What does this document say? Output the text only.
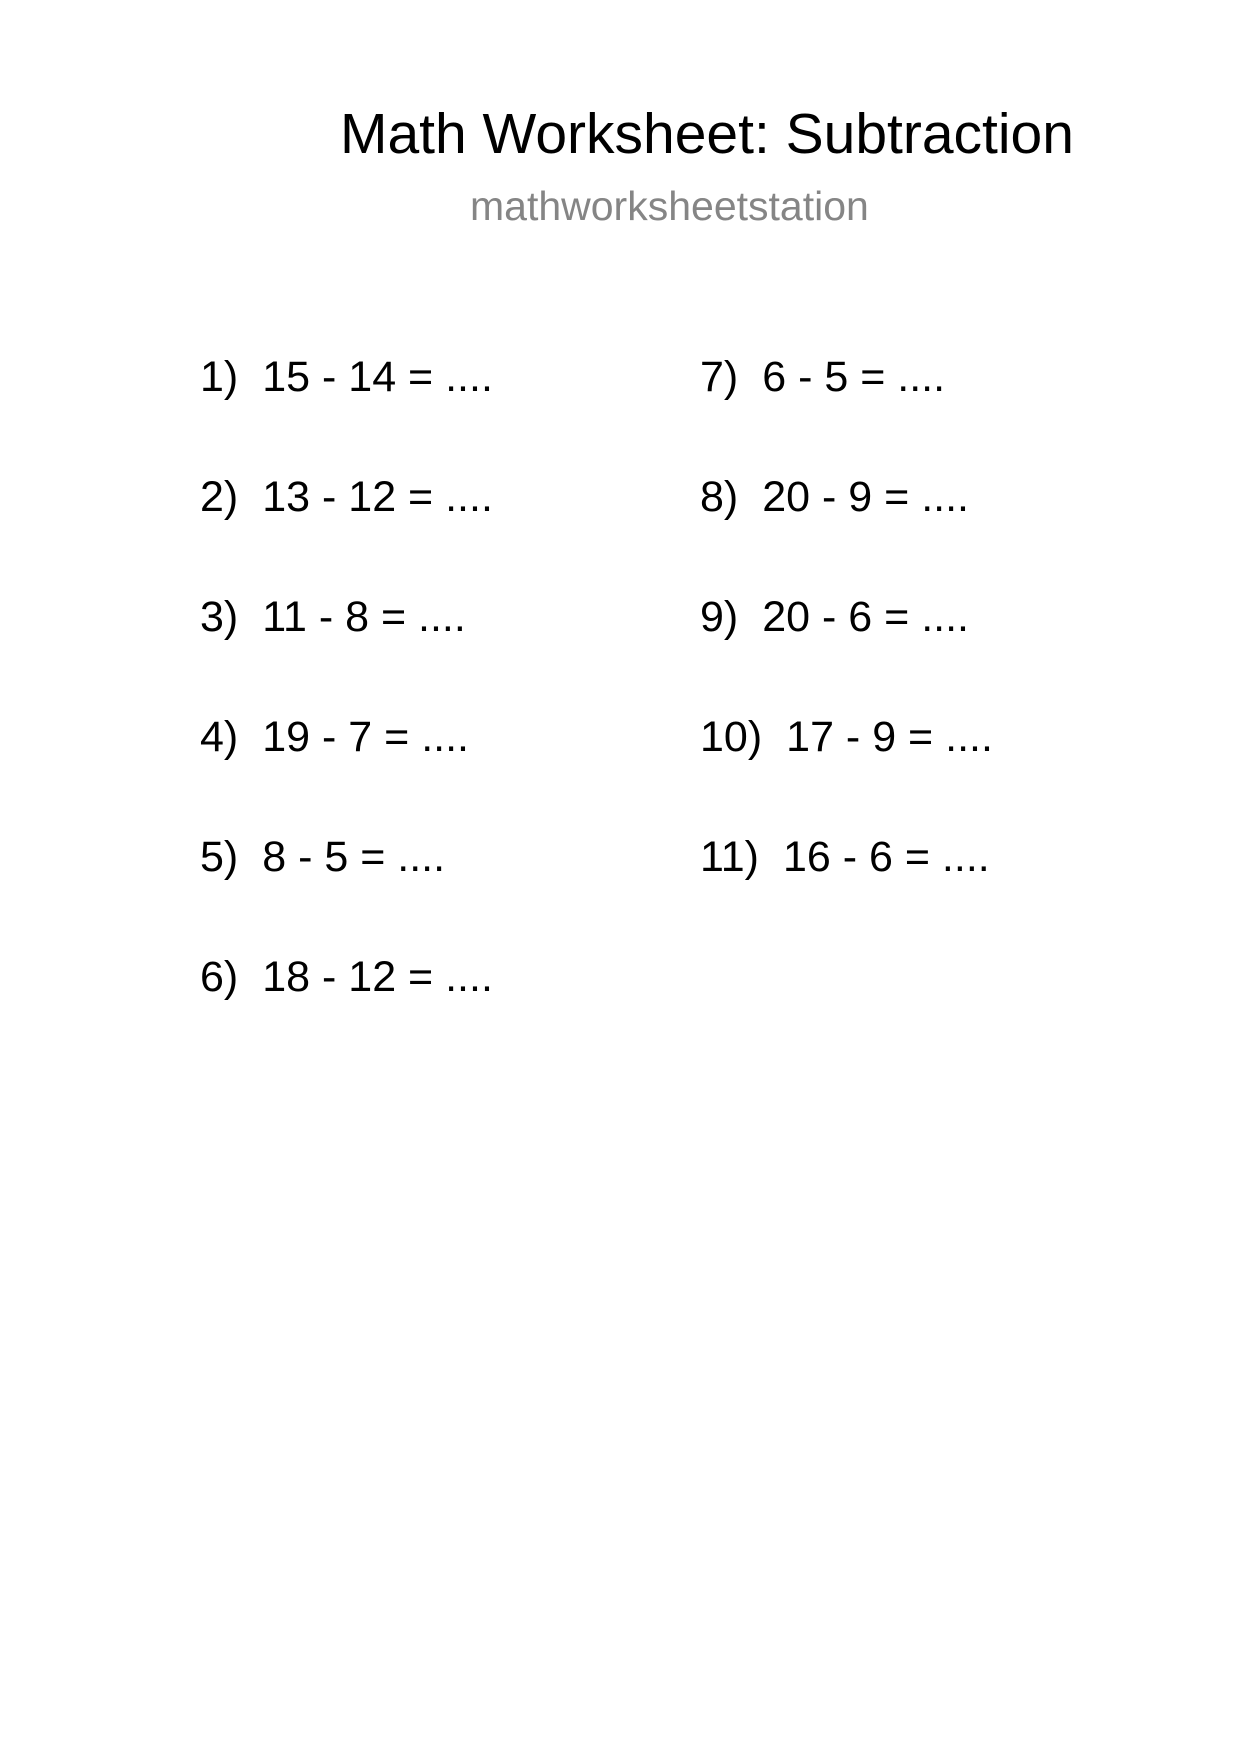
Math Worksheet: Subtraction
mathworksheetstation
1) 15 - 14 = ....
2) 13 - 12 = ....
3) 11 - 8 = ....
4) 19 - 7 = ....
5) 8 - 5 = ....
6) 18 - 12 = ....
7) 6 - 5 = ....
8) 20 - 9 = ....
9) 20 - 6 = ....
10) 17 - 9 = ....
11) 16 - 6 = ....
